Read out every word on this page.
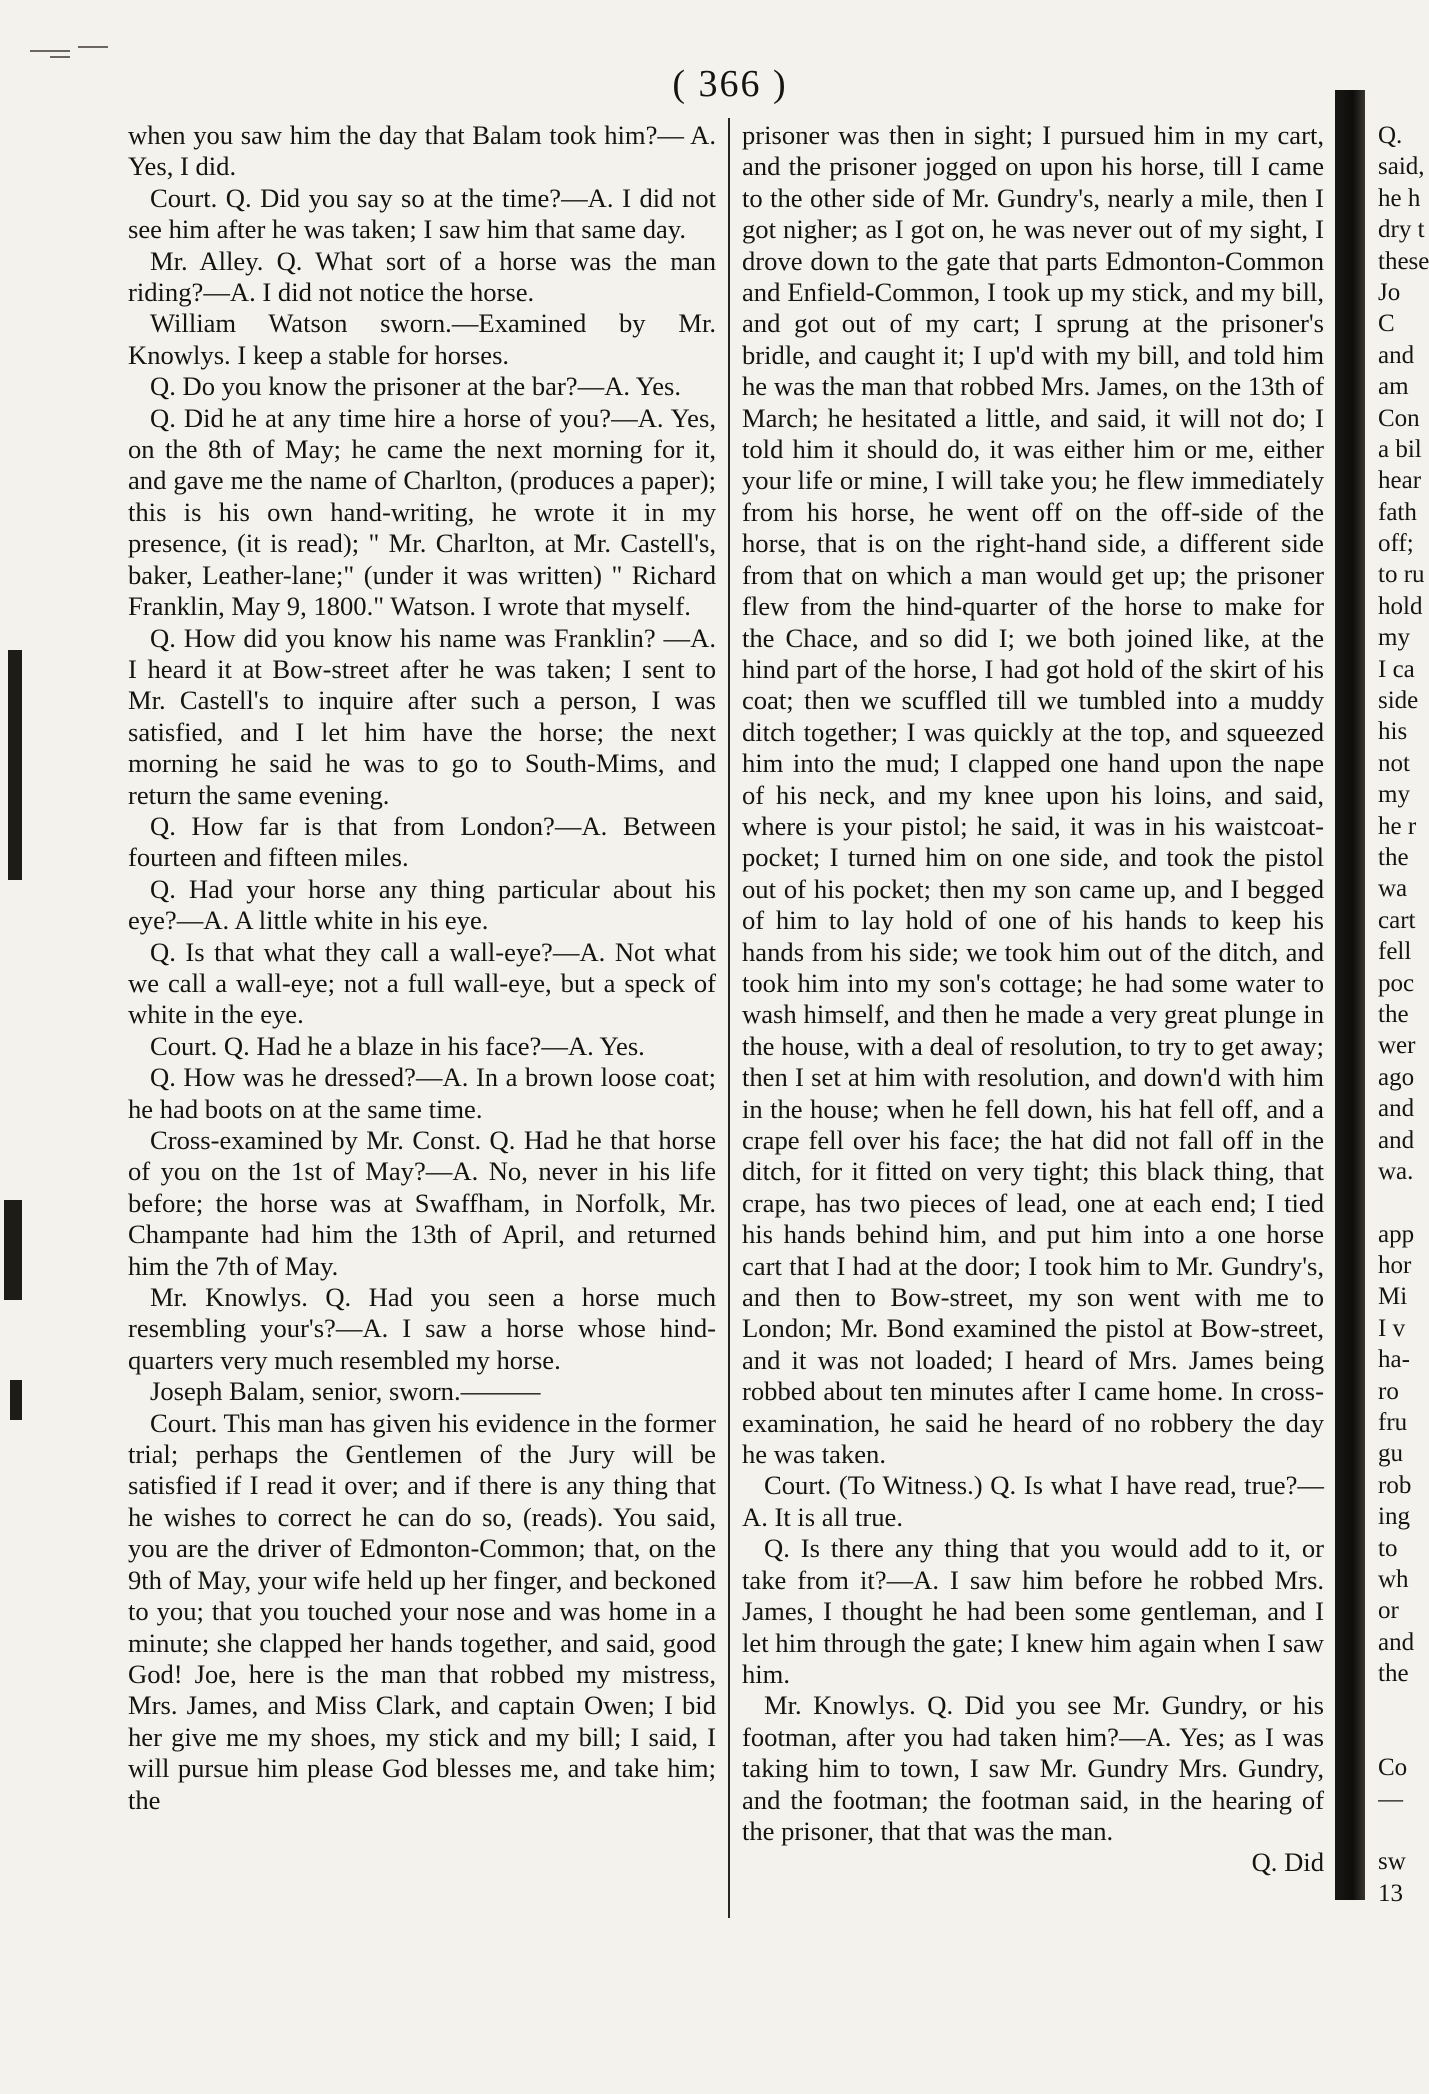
( 366 )

when you saw him the day that Balam took him?— A. Yes, I did.

Court. Q. Did you say so at the time?—A. I did not see him after he was taken; I saw him that same day.

Mr. Alley. Q. What sort of a horse was the man riding?—A. I did not notice the horse.

William Watson sworn.—Examined by Mr. Knowlys. I keep a stable for horses.

Q. Do you know the prisoner at the bar?—A. Yes.

Q. Did he at any time hire a horse of you?—A. Yes, on the 8th of May; he came the next morning for it, and gave me the name of Charlton, (produces a paper); this is his own hand-writing, he wrote it in my presence, (it is read); " Mr. Charlton, at Mr. Castell's, baker, Leather-lane;" (under it was written) " Richard Franklin, May 9, 1800." Watson. I wrote that myself.

Q. How did you know his name was Franklin? —A. I heard it at Bow-street after he was taken; I sent to Mr. Castell's to inquire after such a person, I was satisfied, and I let him have the horse; the next morning he said he was to go to South-Mims, and return the same evening.

Q. How far is that from London?—A. Between fourteen and fifteen miles.

Q. Had your horse any thing particular about his eye?—A. A little white in his eye.

Q. Is that what they call a wall-eye?—A. Not what we call a wall-eye; not a full wall-eye, but a speck of white in the eye.

Court. Q. Had he a blaze in his face?—A. Yes.

Q. How was he dressed?—A. In a brown loose coat; he had boots on at the same time.

Cross-examined by Mr. Const. Q. Had he that horse of you on the 1st of May?—A. No, never in his life before; the horse was at Swaffham, in Norfolk, Mr. Champante had him the 13th of April, and returned him the 7th of May.

Mr. Knowlys. Q. Had you seen a horse much resembling your's?—A. I saw a horse whose hind-quarters very much resembled my horse.

Joseph Balam, senior, sworn.———

Court. This man has given his evidence in the former trial; perhaps the Gentlemen of the Jury will be satisfied if I read it over; and if there is any thing that he wishes to correct he can do so, (reads). You said, you are the driver of Edmonton-Common; that, on the 9th of May, your wife held up her finger, and beckoned to you; that you touched your nose and was home in a minute; she clapped her hands together, and said, good God! Joe, here is the man that robbed my mistress, Mrs. James, and Miss Clark, and captain Owen; I bid her give me my shoes, my stick and my bill; I said, I will pursue him please God blesses me, and take him; the

prisoner was then in sight; I pursued him in my cart, and the prisoner jogged on upon his horse, till I came to the other side of Mr. Gundry's, nearly a mile, then I got nigher; as I got on, he was never out of my sight, I drove down to the gate that parts Edmonton-Common and Enfield-Common, I took up my stick, and my bill, and got out of my cart; I sprung at the prisoner's bridle, and caught it; I up'd with my bill, and told him he was the man that robbed Mrs. James, on the 13th of March; he hesitated a little, and said, it will not do; I told him it should do, it was either him or me, either your life or mine, I will take you; he flew immediately from his horse, he went off on the off-side of the horse, that is on the right-hand side, a different side from that on which a man would get up; the prisoner flew from the hind-quarter of the horse to make for the Chace, and so did I; we both joined like, at the hind part of the horse, I had got hold of the skirt of his coat; then we scuffled till we tumbled into a muddy ditch together; I was quickly at the top, and squeezed him into the mud; I clapped one hand upon the nape of his neck, and my knee upon his loins, and said, where is your pistol; he said, it was in his waistcoat-pocket; I turned him on one side, and took the pistol out of his pocket; then my son came up, and I begged of him to lay hold of one of his hands to keep his hands from his side; we took him out of the ditch, and took him into my son's cottage; he had some water to wash himself, and then he made a very great plunge in the house, with a deal of resolution, to try to get away; then I set at him with resolution, and down'd with him in the house; when he fell down, his hat fell off, and a crape fell over his face; the hat did not fall off in the ditch, for it fitted on very tight; this black thing, that crape, has two pieces of lead, one at each end; I tied his hands behind him, and put him into a one horse cart that I had at the door; I took him to Mr. Gundry's, and then to Bow-street, my son went with me to London; Mr. Bond examined the pistol at Bow-street, and it was not loaded; I heard of Mrs. James being robbed about ten minutes after I came home. In cross-examination, he said he heard of no robbery the day he was taken.

Court. (To Witness.) Q. Is what I have read, true?—A. It is all true.

Q. Is there any thing that you would add to it, or take from it?—A. I saw him before he robbed Mrs. James, I thought he had been some gentleman, and I let him through the gate; I knew him again when I saw him.

Mr. Knowlys. Q. Did you see Mr. Gundry, or his footman, after you had taken him?—A. Yes; as I was taking him to town, I saw Mr. Gundry Mrs. Gundry, and the footman; the footman said, in the hearing of the prisoner, that that was the man.

Q. Did

Q.
said,
he h
dry t
these
Jo
C
and
am
Con
a bil
hear
fath
off;
to ru
hold
my
I ca
side
his
not
my
he r
the
wa
cart
fell
poc
the
wer
ago
and
and
wa.
app
hor
Mi
I v
ha-
ro
fru
gu
rob
ing
to
wh
or
and
the
Co
—
sw
13
